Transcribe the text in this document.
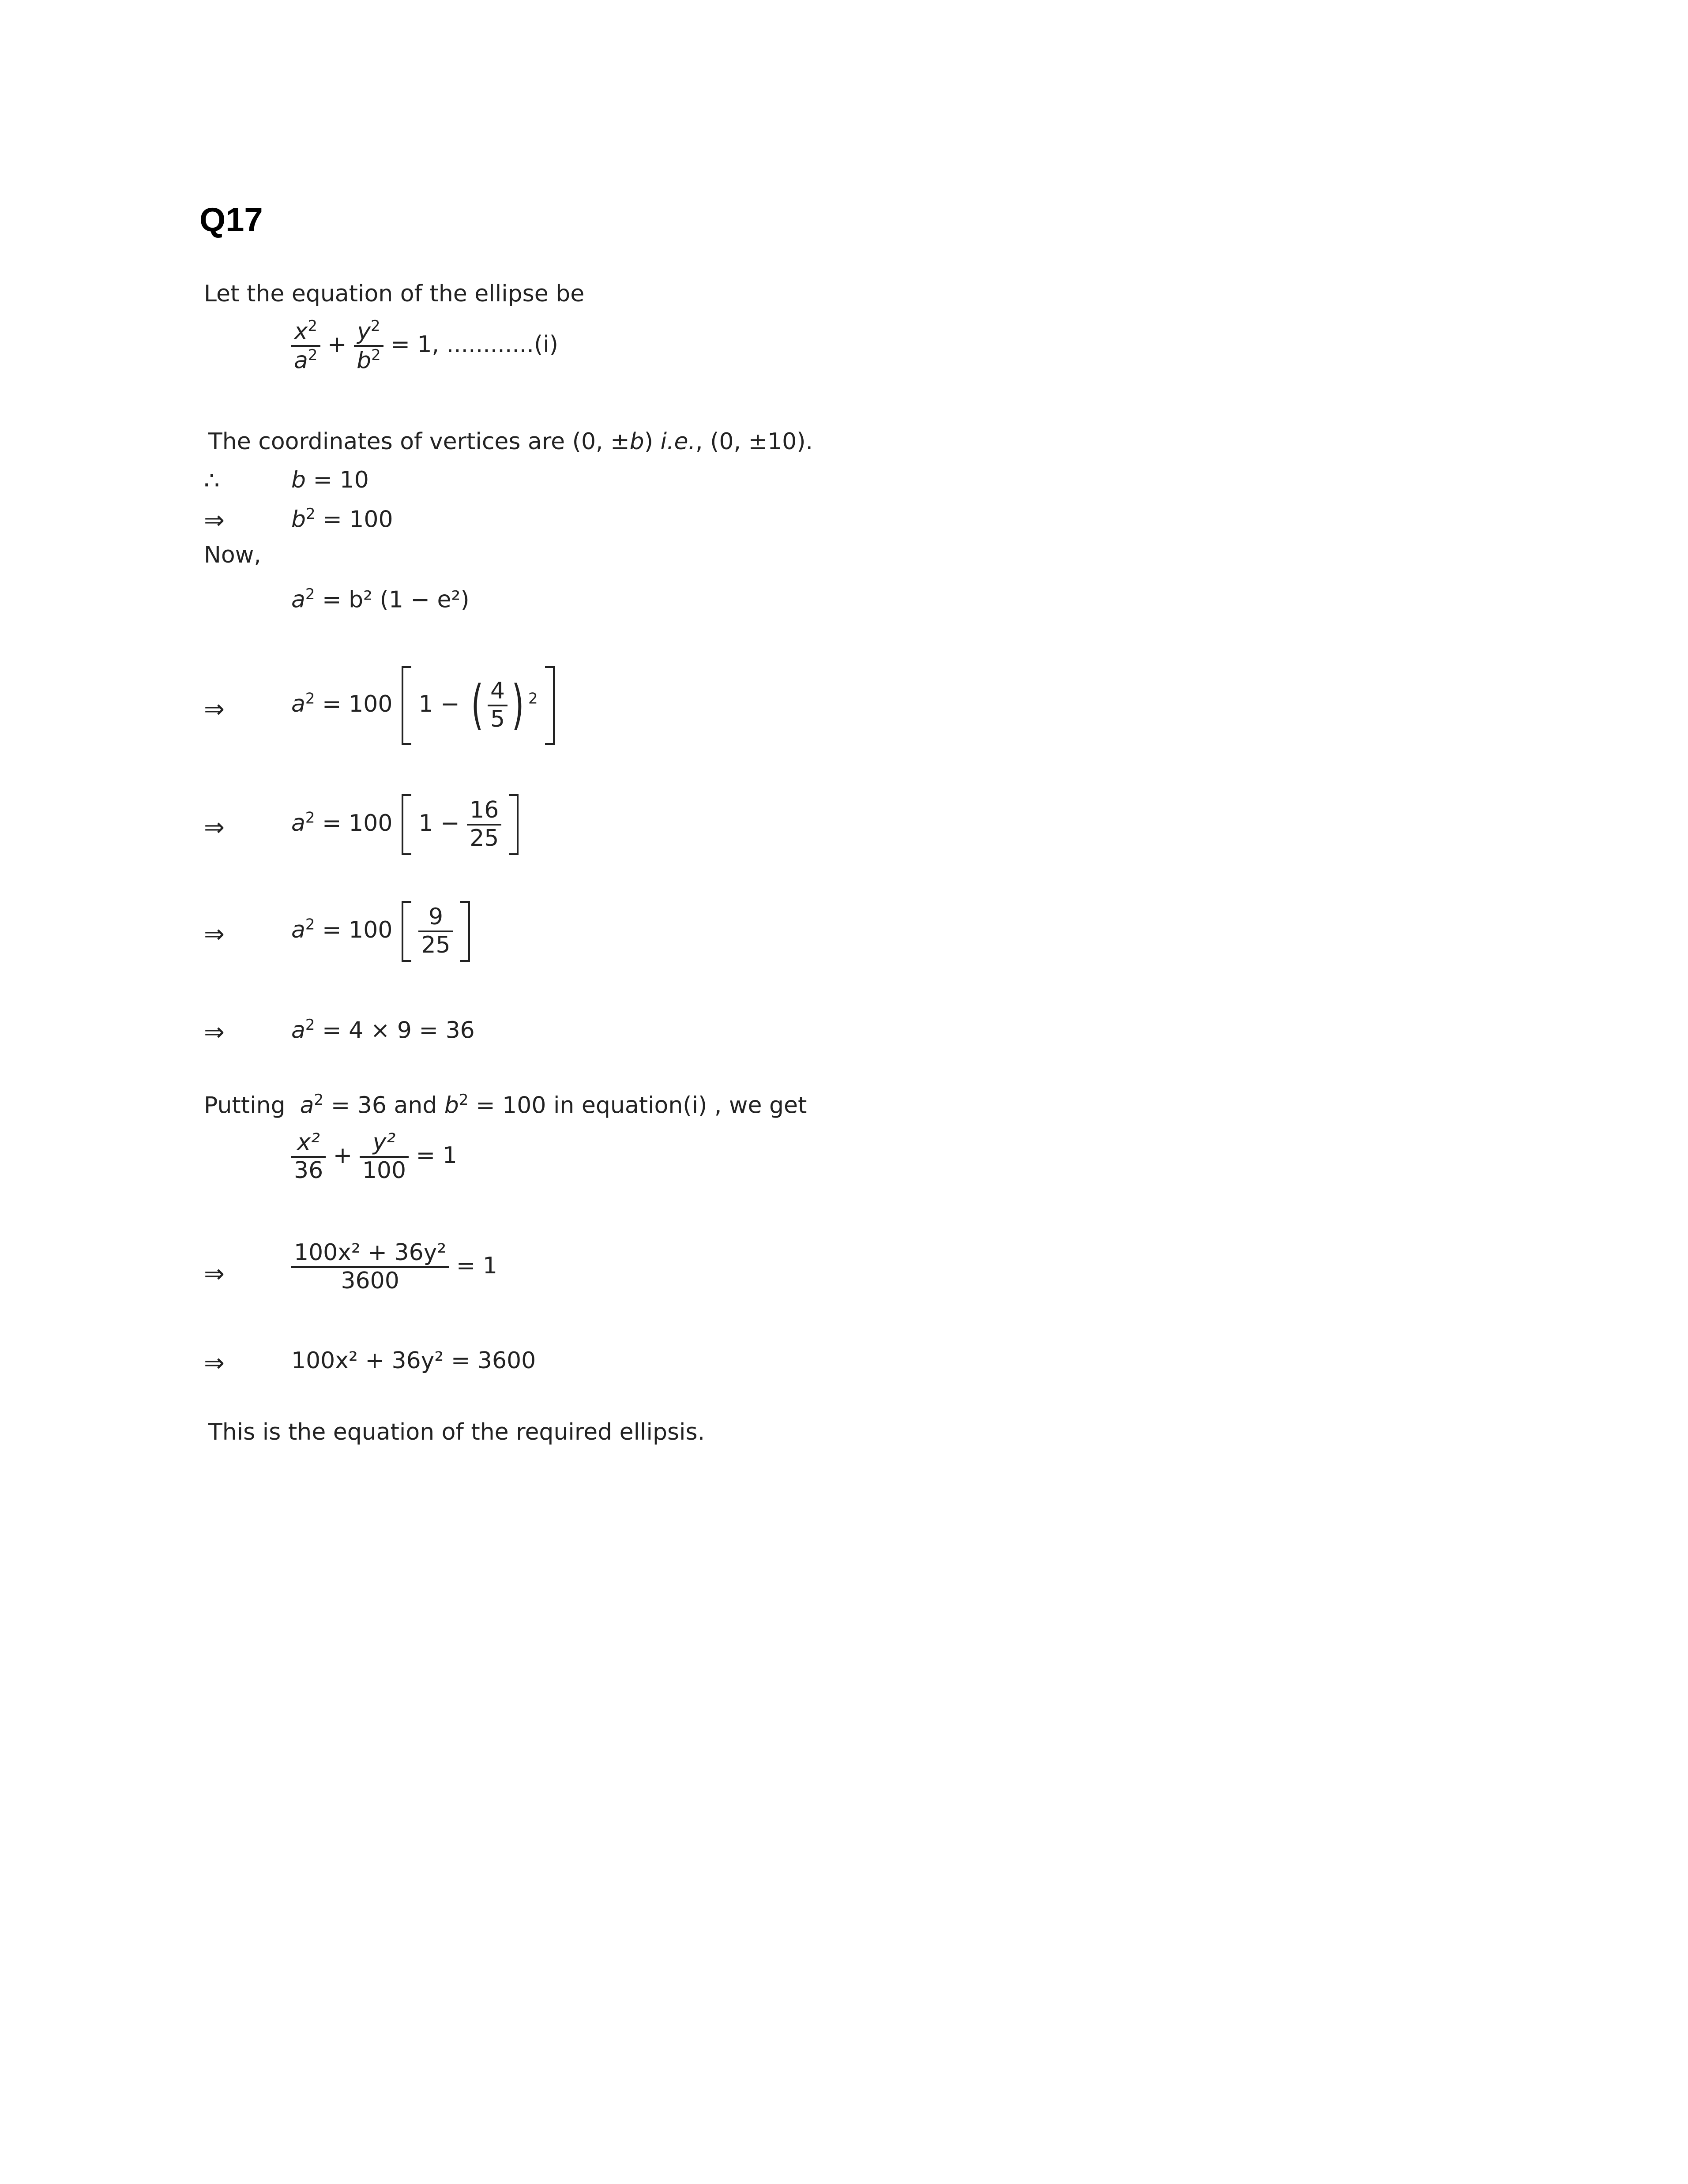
Q17
Let the equation of the ellipse be
$\frac{x^2}{a^2} + \frac{y^2}{b^2} = 1$, ............(i)
The coordinates of vertices are (0, ±b) i.e., (0, ±10).
∴	b = 10
⇒	$b^2 = 100$
Now,
$a^2 = b^2$ (1 − e²)
⇒	$a^2 = 100$ 1 − ( $\frac{4}{5}$ ) $^2$
⇒	$a^2 = 100$ $1 - \frac{16}{25}$

⇒	$a^2 = 100 \frac{9}{25}$

⇒	$a^2 = 4 \times 9 = 36$
Putting $a^2 = 36$ and $b^2 = 100$ in equation(i) , we get
$\frac{\text{x²}}{36} + \frac{\text{y²}}{100} = 1$
⇒	$\frac{\text{100x² + 36y²}}{3600} = 1$
⇒	100x² + 36y² = 3600
This is the equation of the required ellipsis.
